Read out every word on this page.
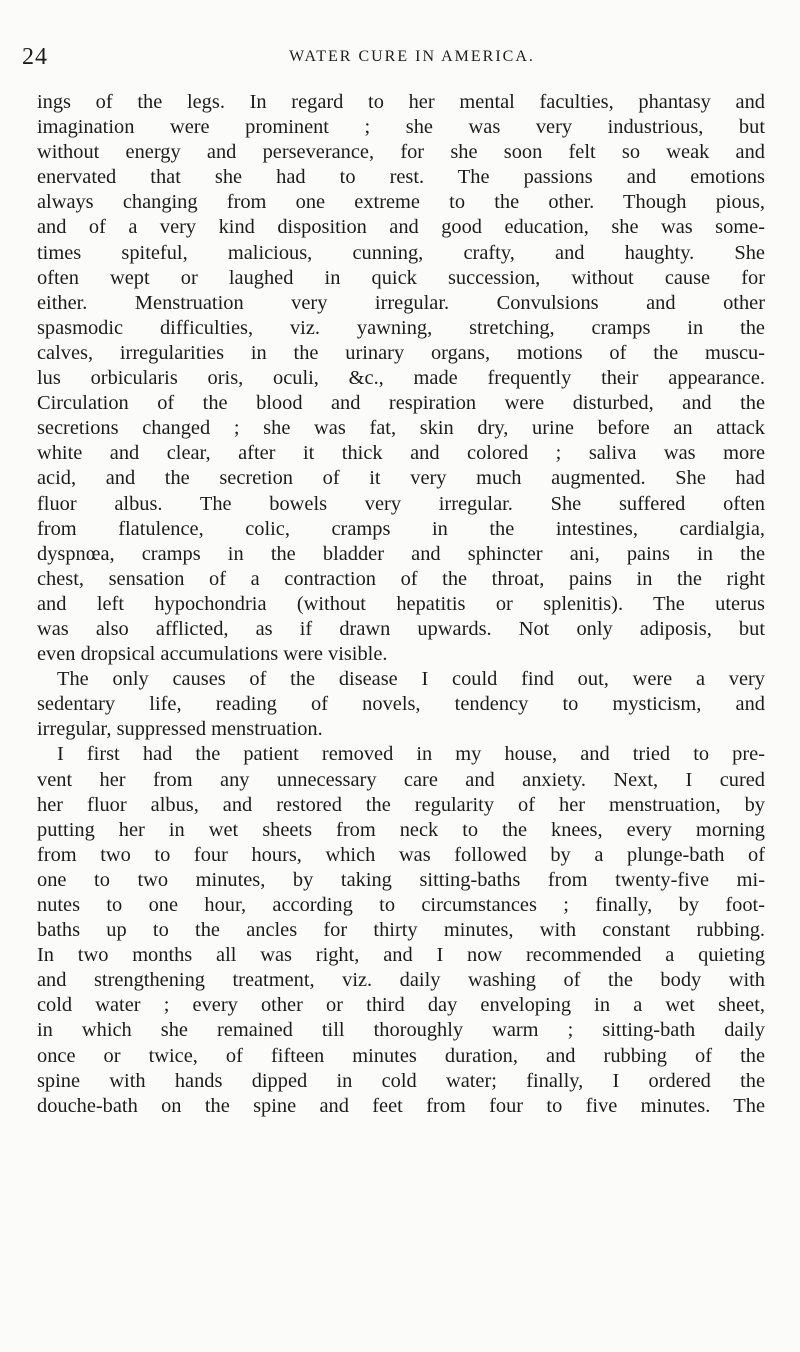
24	WATER CURE IN AMERICA.
ings of the legs. In regard to her mental faculties, phantasy and
imagination were prominent ; she was very industrious, but
without energy and perseverance, for she soon felt so weak and
enervated that she had to rest. The passions and emotions
always changing from one extreme to the other. Though pious,
and of a very kind disposition and good education, she was some-
times spiteful, malicious, cunning, crafty, and haughty. She
often wept or laughed in quick succession, without cause for
either. Menstruation very irregular. Convulsions and other
spasmodic difficulties, viz. yawning, stretching, cramps in the
calves, irregularities in the urinary organs, motions of the muscu-
lus orbicularis oris, oculi, &c., made frequently their appearance.
Circulation of the blood and respiration were disturbed, and the
secretions changed ; she was fat, skin dry, urine before an attack
white and clear, after it thick and colored ; saliva was more
acid, and the secretion of it very much augmented. She had
fluor albus. The bowels very irregular. She suffered often
from flatulence, colic, cramps in the intestines, cardialgia,
dyspnœa, cramps in the bladder and sphincter ani, pains in the
chest, sensation of a contraction of the throat, pains in the right
and left hypochondria (without hepatitis or splenitis). The uterus
was also afflicted, as if drawn upwards. Not only adiposis, but
even dropsical accumulations were visible.
The only causes of the disease I could find out, were a very
sedentary life, reading of novels, tendency to mysticism, and
irregular, suppressed menstruation.
I first had the patient removed in my house, and tried to pre-
vent her from any unnecessary care and anxiety. Next, I cured
her fluor albus, and restored the regularity of her menstruation, by
putting her in wet sheets from neck to the knees, every morning
from two to four hours, which was followed by a plunge-bath of
one to two minutes, by taking sitting-baths from twenty-five mi-
nutes to one hour, according to circumstances ; finally, by foot-
baths up to the ancles for thirty minutes, with constant rubbing.
In two months all was right, and I now recommended a quieting
and strengthening treatment, viz. daily washing of the body with
cold water ; every other or third day enveloping in a wet sheet,
in which she remained till thoroughly warm ; sitting-bath daily
once or twice, of fifteen minutes duration, and rubbing of the
spine with hands dipped in cold water; finally, I ordered the
douche-bath on the spine and feet from four to five minutes. The
